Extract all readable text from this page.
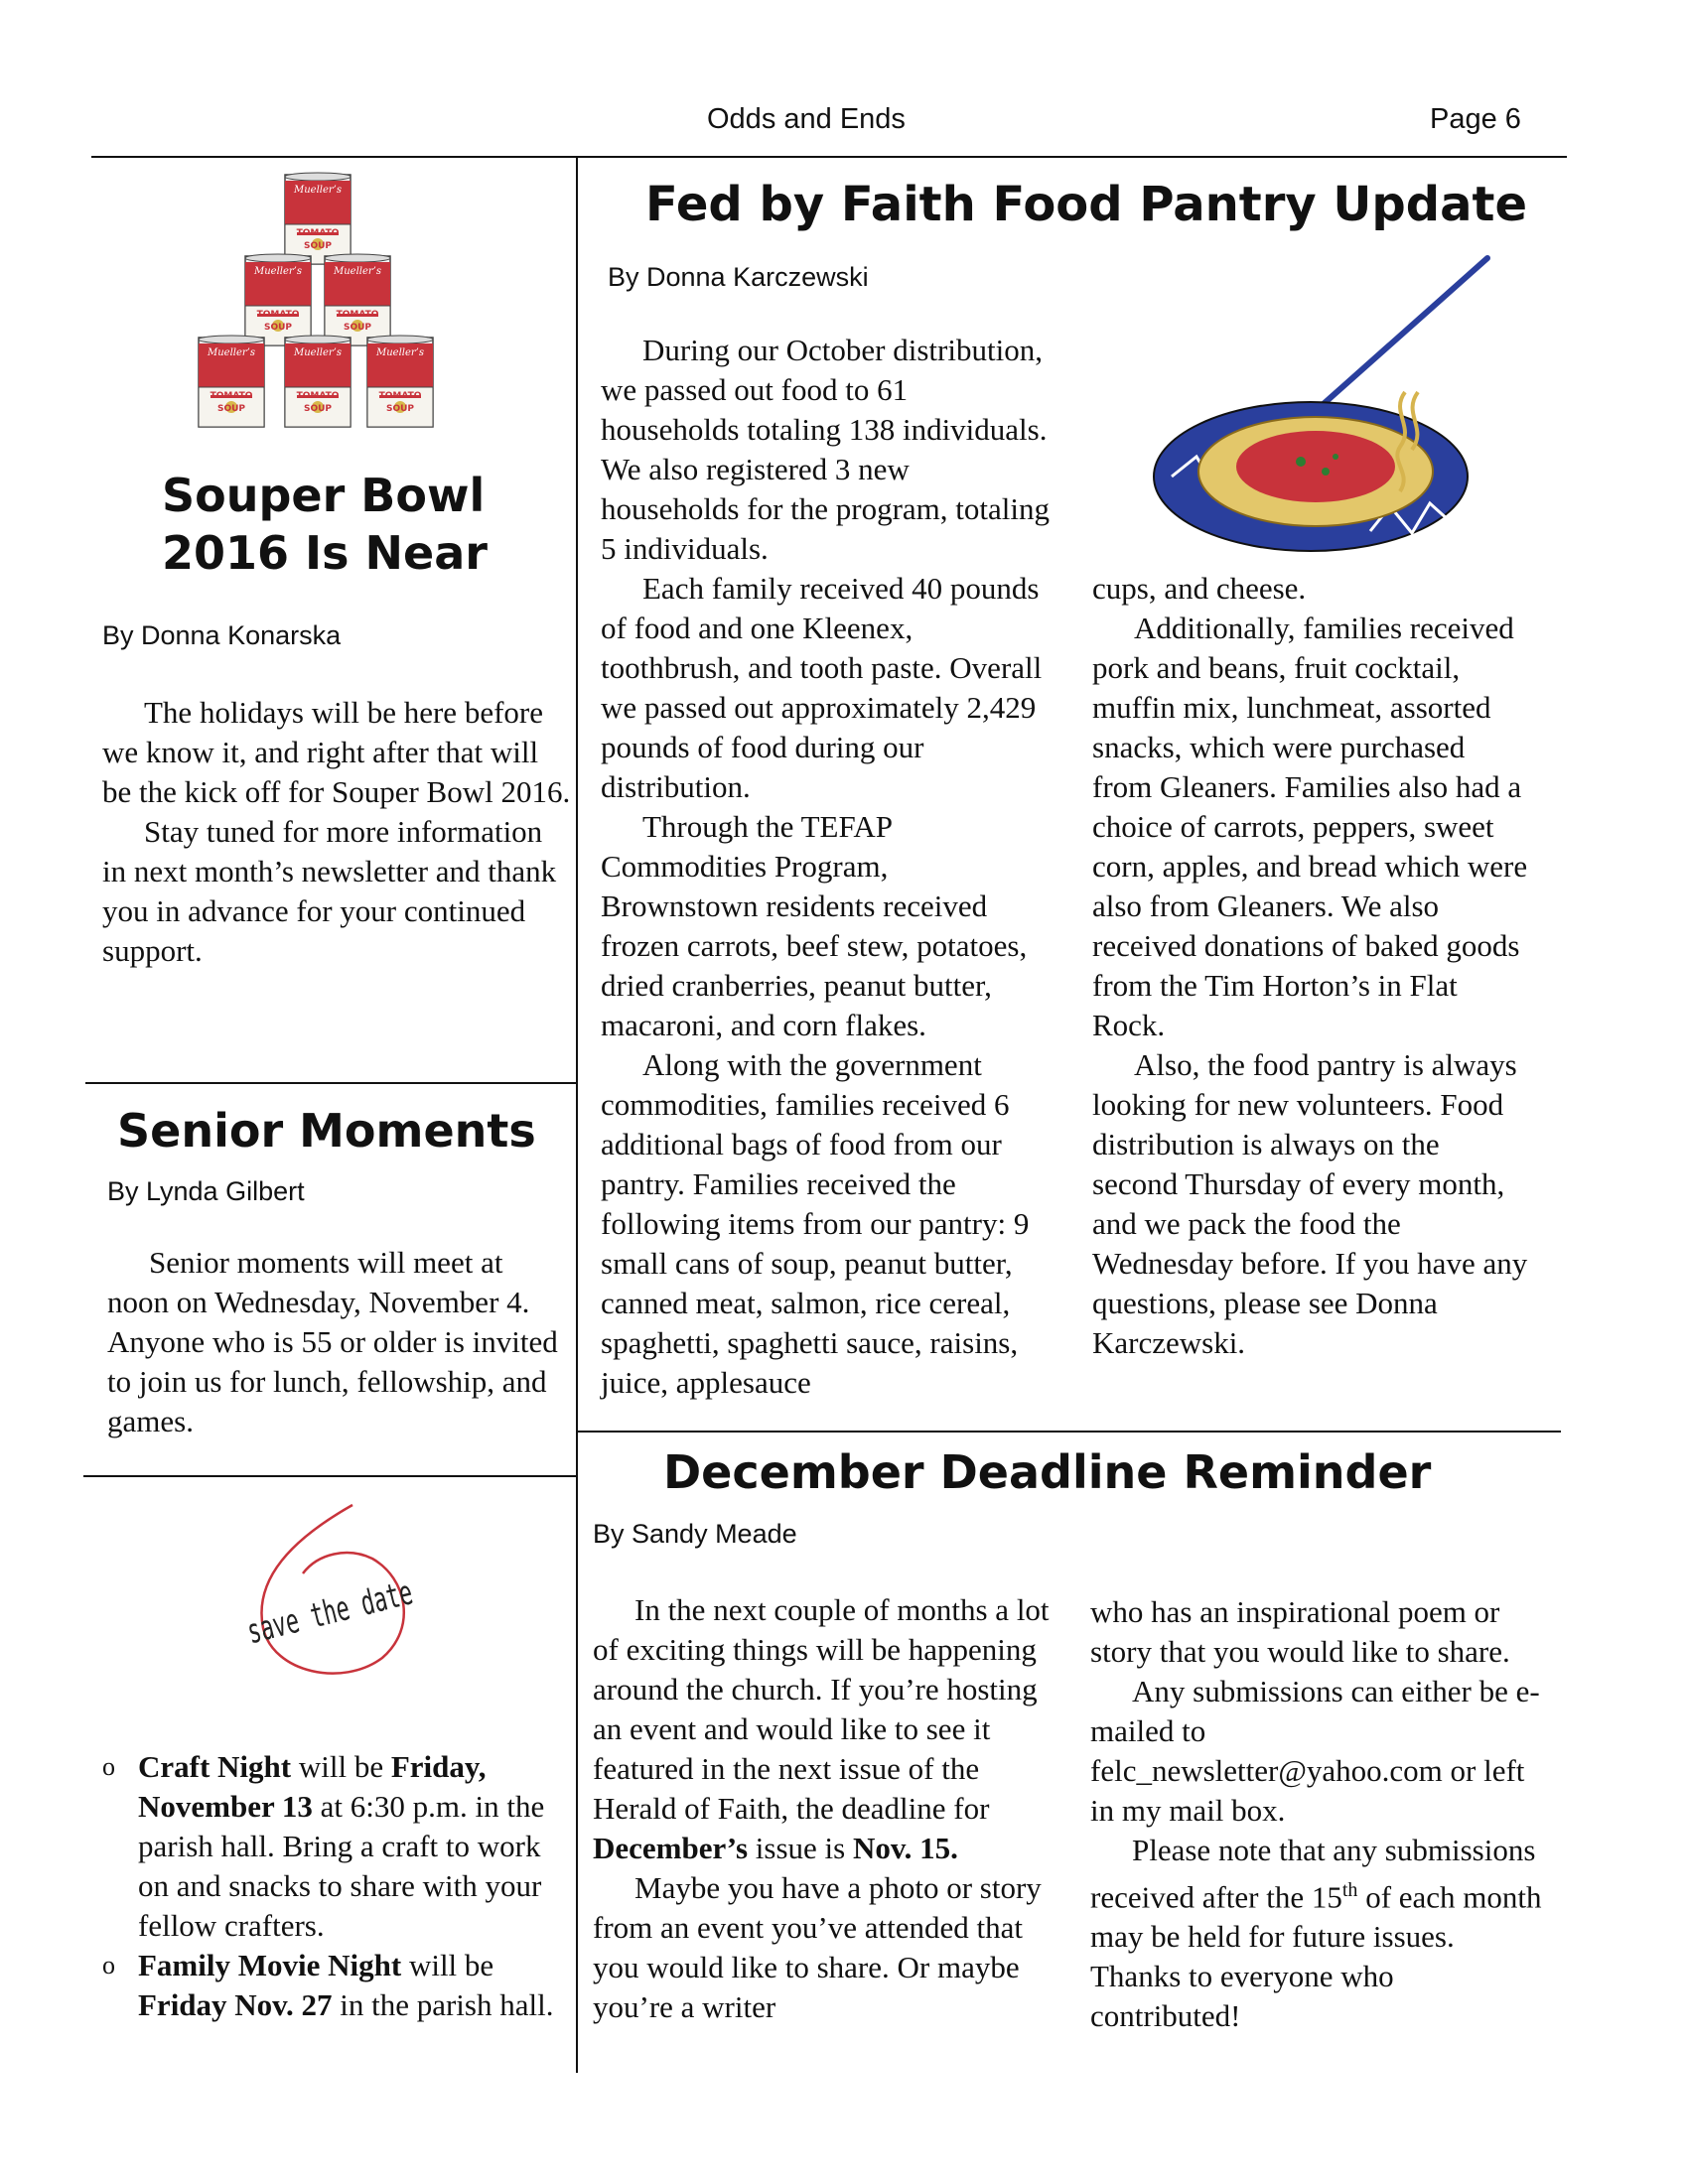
Odds and Ends	Page 6
Mueller’s
Mueller’s	Mueller’s
Mueller’s	Mueller’s	Mueller’s
TOMATO
SOUP
TOMATO
SOUP
TOMATO
SOUP
TOMATO
SOUP
TOMATO
SOUP
TOMATO
SOUP
Souper Bowl
2016 Is Near
By Donna Konarska

The holidays will be here before we know it, and right after that will be the kick off for Souper Bowl 2016.

Stay tuned for more information in next month’s newsletter and thank you in advance for your continued support.

Senior Moments
By Lynda Gilbert

Senior moments will meet at noon on Wednesday, November 4. Anyone who is 55 or older is invited to join us for lunch, fellowship, and games.

save the date
o Craft Night will be Friday, November 13 at 6:30 p.m. in the parish hall. Bring a craft to work on and snacks to share with your fellow crafters.
o Family Movie Night will be Friday Nov. 27 in the parish hall.
Fed by Faith Food Pantry Update
By Donna Karczewski

During our October distribution, we passed out food to 61 households totaling 138 individuals. We also registered 3 new households for the program, totaling 5 individuals.

Each family received 40 pounds of food and one Kleenex, toothbrush, and tooth paste. Overall we passed out approximately 2,429 pounds of food during our distribution.

Through the TEFAP Commodities Program, Brownstown residents received frozen carrots, beef stew, potatoes, dried cranberries, peanut butter, macaroni, and corn flakes.

Along with the government commodities, families received 6 additional bags of food from our pantry. Families received the following items from our pantry: 9 small cans of soup, peanut butter, canned meat, salmon, rice cereal, spaghetti, spaghetti sauce, raisins, juice, applesauce

cups, and cheese.

Additionally, families received pork and beans, fruit cocktail, muffin mix, lunchmeat, assorted snacks, which were purchased from Gleaners. Families also had a choice of carrots, peppers, sweet corn, apples, and bread which were also from Gleaners. We also received donations of baked goods from the Tim Horton’s in Flat Rock.

Also, the food pantry is always looking for new volunteers. Food distribution is always on the second Thursday of every month, and we pack the food the Wednesday before. If you have any questions, please see Donna Karczewski.

December Deadline Reminder
By Sandy Meade

In the next couple of months a lot of exciting things will be happening around the church. If you’re hosting an event and would like to see it featured in the next issue of the Herald of Faith, the deadline for December’s issue is Nov. 15.

Maybe you have a photo or story from an event you’ve attended that you would like to share. Or maybe you’re a writer

who has an inspirational poem or story that you would like to share.

Any submissions can either be e-mailed to felc_newsletter@yahoo.com or left in my mail box.

Please note that any submissions received after the 15th of each month may be held for future issues. Thanks to everyone who contributed!
